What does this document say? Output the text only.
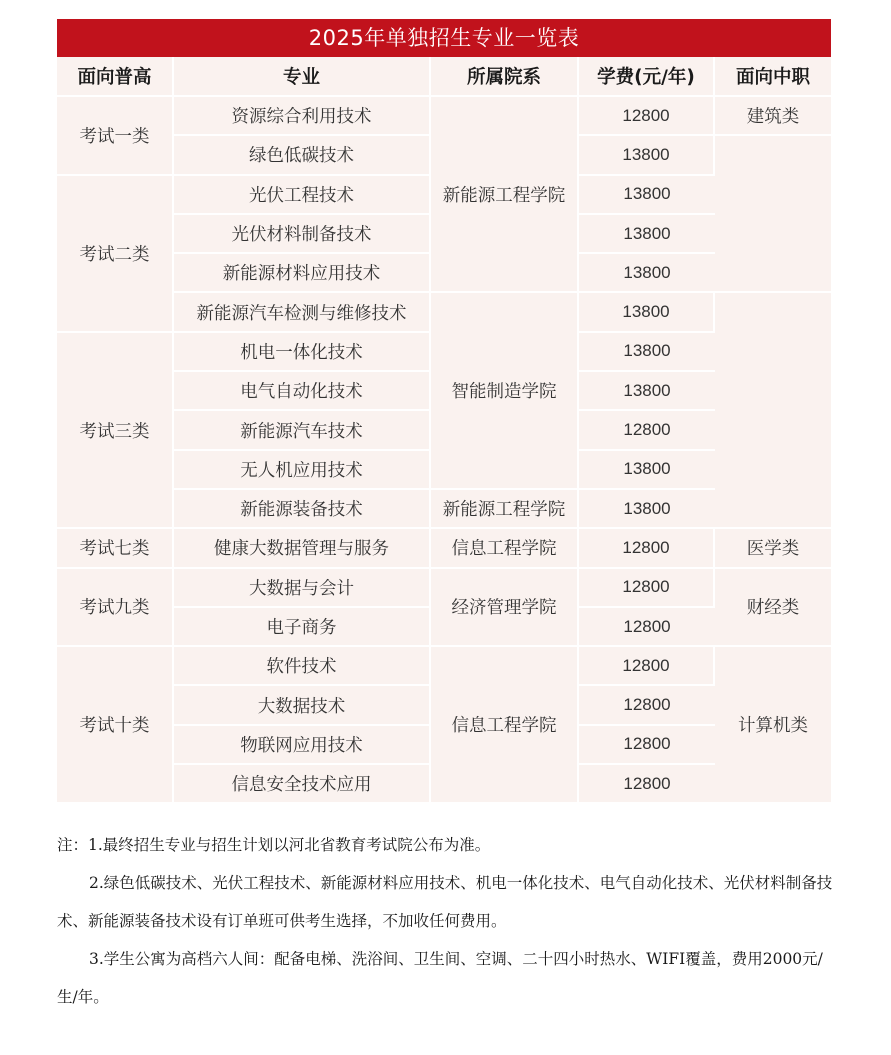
2025年单独招生专业一览表
面向普高	专业	所属院系	学费(元/年)	面向中职
考试一类	资源综合利用技术	新能源工程学院	12800	建筑类
	绿色低碳技术		13800	
考试二类	光伏工程技术		13800	
	光伏材料制备技术		13800	
	新能源材料应用技术		13800	
	新能源汽车检测与维修技术	智能制造学院	13800	
考试三类	机电一体化技术		13800	
	电气自动化技术		13800	
	新能源汽车技术		12800	
	无人机应用技术		13800	
	新能源装备技术	新能源工程学院	13800	
考试七类	健康大数据管理与服务	信息工程学院	12800	医学类
考试九类	大数据与会计	经济管理学院	12800	财经类
	电子商务		12800	
考试十类	软件技术	信息工程学院	12800	计算机类
	大数据技术		12800	
	物联网应用技术		12800	
	信息安全技术应用		12800	

注：1.最终招生专业与招生计划以河北省教育考试院公布为准。

2.绿色低碳技术、光伏工程技术、新能源材料应用技术、机电一体化技术、电气自动化技术、光伏材料制备技术、新能源装备技术设有订单班可供考生选择，不加收任何费用。

3.学生公寓为高档六人间：配备电梯、洗浴间、卫生间、空调、二十四小时热水、WIFI覆盖，费用2000元/生/年。
